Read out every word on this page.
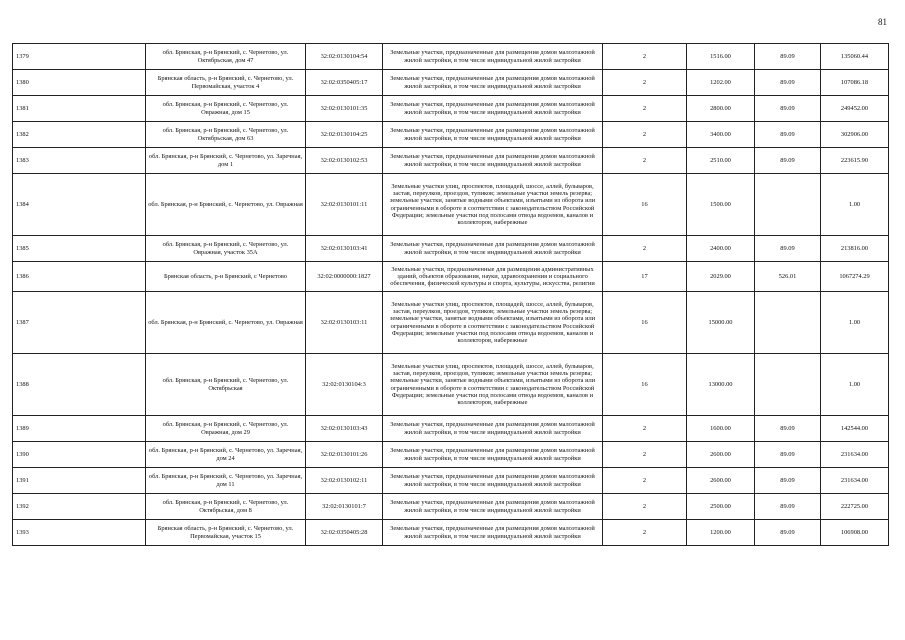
81
1379	обл. Брянская, р-н Брянский, с. Чернетово, ул. Октябрьская, дом 47	32:02:0130104:54	Земельные участки, предназначенные для размещения домов малоэтажной жилой застройки, в том числе индивидуальной жилой застройки	2	1516.00	89.09	135060.44
1380	Брянская область, р-н Брянский, с. Чернетово, ул. Первомайская, участок 4	32:02:0350405:17	Земельные участки, предназначенные для размещения домов малоэтажной жилой застройки, в том числе индивидуальной жилой застройки	2	1202.00	89.09	107086.18
1381	обл. Брянская, р-н Брянский, с. Чернетово, ул. Овражная, дом 15	32:02:0130101:35	Земельные участки, предназначенные для размещения домов малоэтажной жилой застройки, в том числе индивидуальной жилой застройки	2	2800.00	89.09	249452.00
1382	обл. Брянская, р-н Брянский, с. Чернетово, ул. Октябрьская, дом 63	32:02:0130104:25	Земельные участки, предназначенные для размещения домов малоэтажной жилой застройки, в том числе индивидуальной жилой застройки	2	3400.00	89.09	302906.00
1383	обл. Брянская, р-н Брянский, с. Чернетово, ул. Заречная, дом 1	32:02:0130102:53	Земельные участки, предназначенные для размещения домов малоэтажной жилой застройки, в том числе индивидуальной жилой застройки	2	2510.00	89.09	223615.90
1384	обл. Брянская, р-н Брянский, с. Чернетово, ул. Овражная	32:02:0130101:11	Земельные участки улиц, проспектов, площадей, шоссе, аллей, бульваров, застав, переулков, проездов, тупиков; земельные участки земель резерва; земельные участки, занятые водными объектами, изъятыми из оборота или ограниченными в обороте в соответствии с законодательством Российской Федерации; земельные участки под полосами отвода водоемов, каналов и коллекторов, набережные	16	1500.00		1.00
1385	обл. Брянская, р-н Брянский, с. Чернетово, ул. Овражная, участок 35А	32:02:0130103:41	Земельные участки, предназначенные для размещения домов малоэтажной жилой застройки, в том числе индивидуальной жилой застройки	2	2400.00	89.09	213816.00
1386	Брянская область, р-н Брянский, с Чернетово	32:02:0000000:1827	Земельные участки, предназначенные для размещения административных зданий, объектов образования, науки, здравоохранения и социального обеспечения, физической культуры и спорта, культуры, искусства, религии	17	2029.00	526.01	1067274.29
1387	обл. Брянская, р-н Брянский, с. Чернетово, ул. Овражная	32:02:0130103:11	Земельные участки улиц, проспектов, площадей, шоссе, аллей, бульваров, застав, переулков, проездов, тупиков; земельные участки земель резерва; земельные участки, занятые водными объектами, изъятыми из оборота или ограниченными в обороте в соответствии с законодательством Российской Федерации; земельные участки под полосами отвода водоемов, каналов и коллекторов, набережные	16	15000.00		1.00
1388	обл. Брянская, р-н Брянский, с. Чернетово, ул. Октябрьская	32:02:0130104:3	Земельные участки улиц, проспектов, площадей, шоссе, аллей, бульваров, застав, переулков, проездов, тупиков; земельные участки земель резерва; земельные участки, занятые водными объектами, изъятыми из оборота или ограниченными в обороте в соответствии с законодательством Российской Федерации; земельные участки под полосами отвода водоемов, каналов и коллекторов, набережные	16	13000.00		1.00
1389	обл. Брянская, р-н Брянский, с. Чернетово, ул. Овражная, дом 29	32:02:0130103:43	Земельные участки, предназначенные для размещения домов малоэтажной жилой застройки, в том числе индивидуальной жилой застройки	2	1600.00	89.09	142544.00
1390	обл. Брянская, р-н Брянский, с. Чернетово, ул. Заречная, дом 24	32:02:0130101:26	Земельные участки, предназначенные для размещения домов малоэтажной жилой застройки, в том числе индивидуальной жилой застройки	2	2600.00	89.09	231634.00
1391	обл. Брянская, р-н Брянский, с. Чернетово, ул. Заречная, дом 11	32:02:0130102:11	Земельные участки, предназначенные для размещения домов малоэтажной жилой застройки, в том числе индивидуальной жилой застройки	2	2600.00	89.09	231634.00
1392	обл. Брянская, р-н Брянский, с. Чернетово, ул. Октябрьская, дом 8	32:02:0130101:7	Земельные участки, предназначенные для размещения домов малоэтажной жилой застройки, в том числе индивидуальной жилой застройки	2	2500.00	89.09	222725.00
1393	Брянская область, р-н Брянский, с. Чернетово, ул. Первомайская, участок 15	32:02:0350405:28	Земельные участки, предназначенные для размещения домов малоэтажной жилой застройки, в том числе индивидуальной жилой застройки	2	1200.00	89.09	106908.00
